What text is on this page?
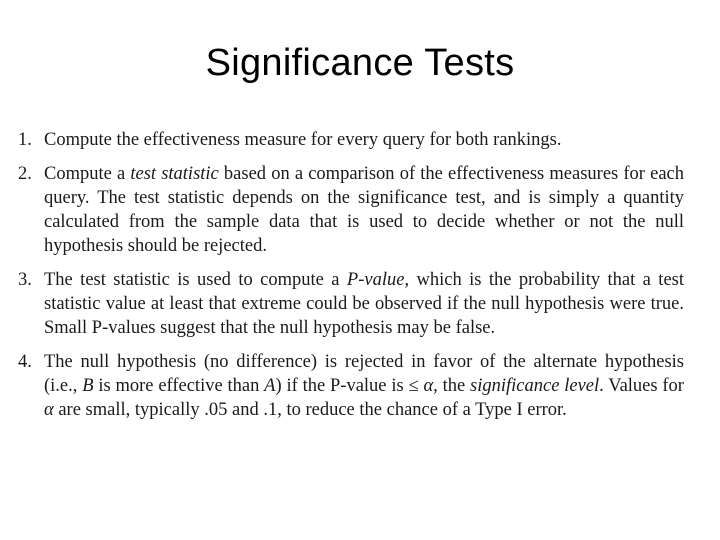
Significance Tests
1. Compute the effectiveness measure for every query for both rankings.
2. Compute a test statistic based on a comparison of the effectiveness measures for each query. The test statistic depends on the significance test, and is simply a quantity calculated from the sample data that is used to decide whether or not the null hypothesis should be rejected.
3. The test statistic is used to compute a P-value, which is the probability that a test statistic value at least that extreme could be observed if the null hypothesis were true. Small P-values suggest that the null hypothesis may be false.
4. The null hypothesis (no difference) is rejected in favor of the alternate hypothesis (i.e., B is more effective than A) if the P-value is ≤ α, the significance level. Values for α are small, typically .05 and .1, to reduce the chance of a Type I error.
